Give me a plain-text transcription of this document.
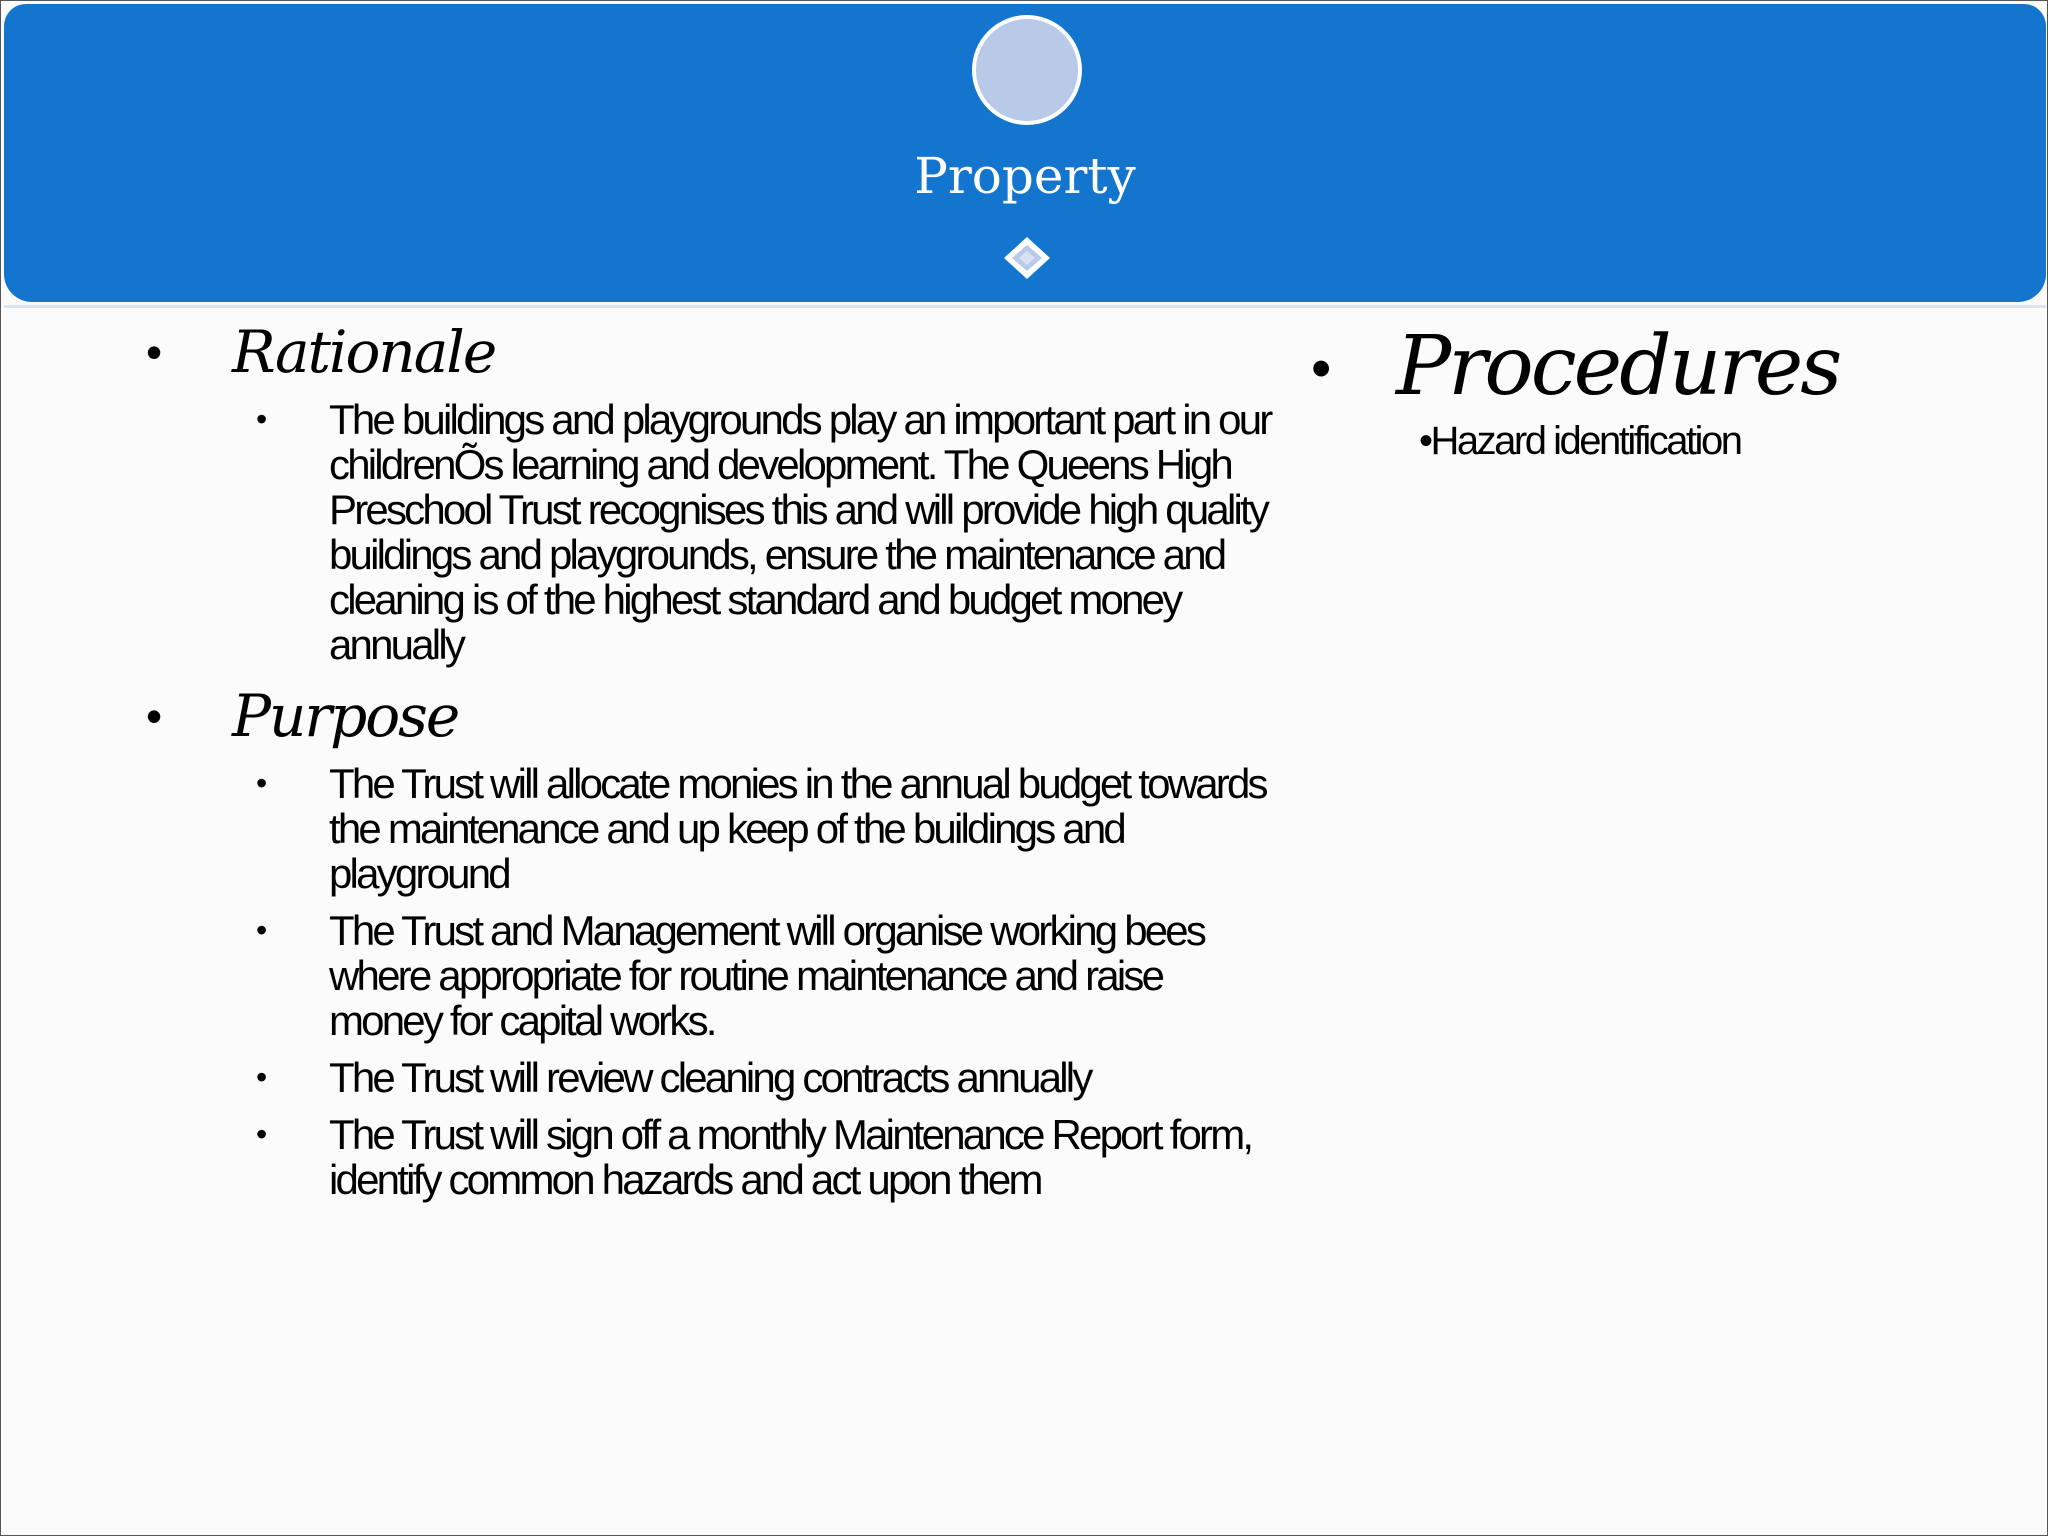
Property
• Rationale
• The buildings and playgrounds play an important part in our childrenÕs learning and development. The Queens High Preschool Trust recognises this and will provide high quality buildings and playgrounds, ensure the maintenance and cleaning is of the highest standard and budget money annually
• Purpose
• The Trust will allocate monies in the annual budget towards the maintenance and up keep of the buildings and playground
• The Trust and Management will organise working bees where appropriate for routine maintenance and raise money for capital works.
• The Trust will review cleaning contracts annually
• The Trust will sign off a monthly Maintenance Report form, identify common hazards and act upon them
• Procedures
•Hazard identification
